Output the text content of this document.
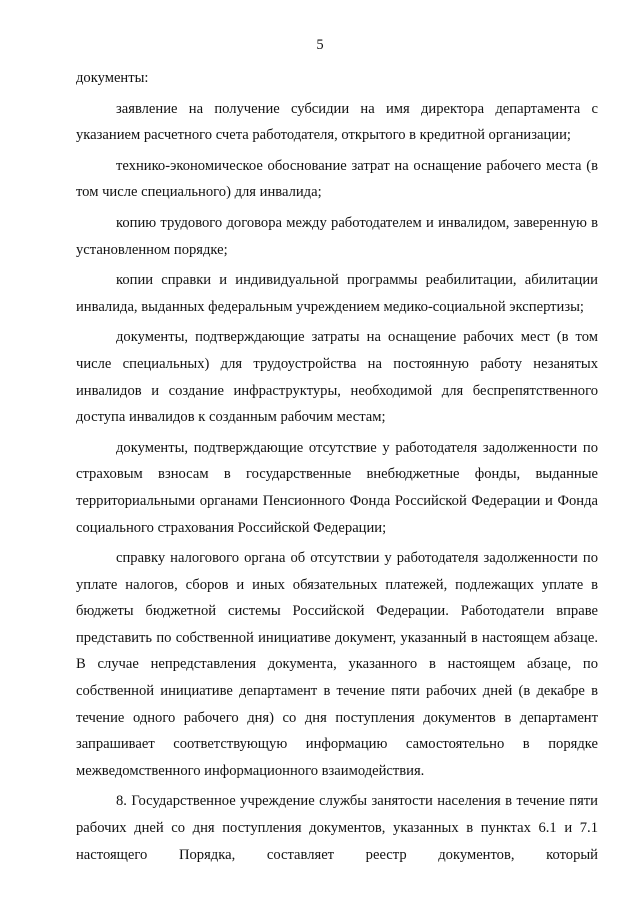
5

документы:

заявление на получение субсидии на имя директора департамента с указанием расчетного счета работодателя, открытого в кредитной организации;

технико-экономическое обоснование затрат на оснащение рабочего места (в том числе специального) для инвалида;

копию трудового договора между работодателем и инвалидом, заверенную в установленном порядке;

копии справки и индивидуальной программы реабилитации, абилитации инвалида, выданных федеральным учреждением медико-социальной экспертизы;

документы, подтверждающие затраты на оснащение рабочих мест (в том числе специальных) для трудоустройства на постоянную работу незанятых инвалидов и создание инфраструктуры, необходимой для беспрепятственного доступа инвалидов к созданным рабочим местам;

документы, подтверждающие отсутствие у работодателя задолженности по страховым взносам в государственные внебюджетные фонды, выданные территориальными органами Пенсионного Фонда Российской Федерации и Фонда социального страхования Российской Федерации;

справку налогового органа об отсутствии у работодателя задолженности по уплате налогов, сборов и иных обязательных платежей, подлежащих уплате в бюджеты бюджетной системы Российской Федерации. Работодатели вправе представить по собственной инициативе документ, указанный в настоящем абзаце. В случае непредставления документа, указанного в настоящем абзаце, по собственной инициативе департамент в течение пяти рабочих дней (в декабре в течение одного рабочего дня) со дня поступления документов в департамент запрашивает соответствующую информацию самостоятельно в порядке межведомственного информационного взаимодействия.

8. Государственное учреждение службы занятости населения в течение пяти рабочих дней со дня поступления документов, указанных в пунктах 6.1 и 7.1 настоящего Порядка, составляет реестр документов, который
